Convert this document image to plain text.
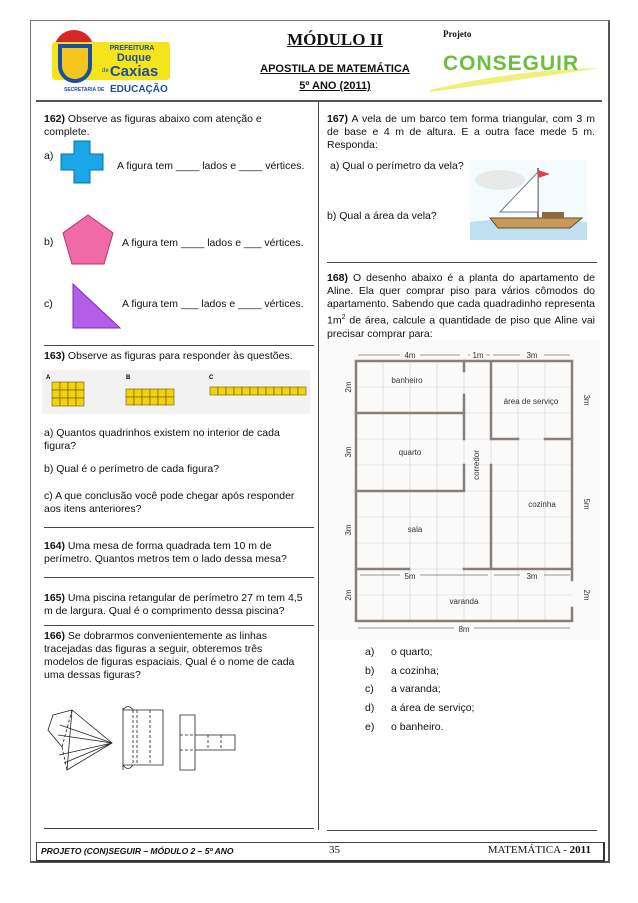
PREFEITURA
Duque
de Caxias
SECRETARIA DE EDUCAÇÃO
MÓDULO II
APOSTILA DE MATEMÁTICA
5º ANO (2011)
Projeto
CONSEGUIR
162) Observe as figuras abaixo com atenção e complete.
a)
A figura tem ____ lados e ____ vértices.
b)	A figura tem ____ lados e ___ vértices.
c)	A figura tem ___ lados e ____ vértices.
163) Observe as figuras para responder às questões.
A	B	C
a) Quantos quadrinhos existem no interior de cada figura?
b) Qual é o perímetro de cada figura?
c) A que conclusão você pode chegar após responder aos itens anteriores?
164) Uma mesa de forma quadrada tem 10 m de perímetro. Quantos metros tem o lado dessa mesa?
165) Uma piscina retangular de perímetro 27 m tem 4,5 m de largura. Qual é o comprimento dessa piscina?
166) Se dobrarmos convenientemente as linhas tracejadas das figuras a seguir, obteremos três modelos de figuras espaciais. Qual é o nome de cada uma dessas figuras?
167) A vela de um barco tem forma triangular, com 3 m de base e 4 m de altura. E a outra face mede 5 m. Responda:
a) Qual o perímetro da vela?
b) Qual a área da vela?
168) O desenho abaixo é a planta do apartamento de Aline. Ela quer comprar piso para vários cômodos do apartamento. Sabendo que cada quadradinho representa $1m^2$ de área, calcule a quantidade de piso que Aline vai precisar comprar para:
banheiro
área de serviço
quarto	corredor
cozinha
sala
varanda
4m	1m	3m
2m
3m
3m
2m
3m
5m
2m
5m	3m
8m
a) o quarto;
b) a cozinha;
c) a varanda;
d) a área de serviço;
e) o banheiro.
PROJETO (CON)SEGUIR – MÓDULO 2 – 5º ANO	35	MATEMÁTICA - 2011
